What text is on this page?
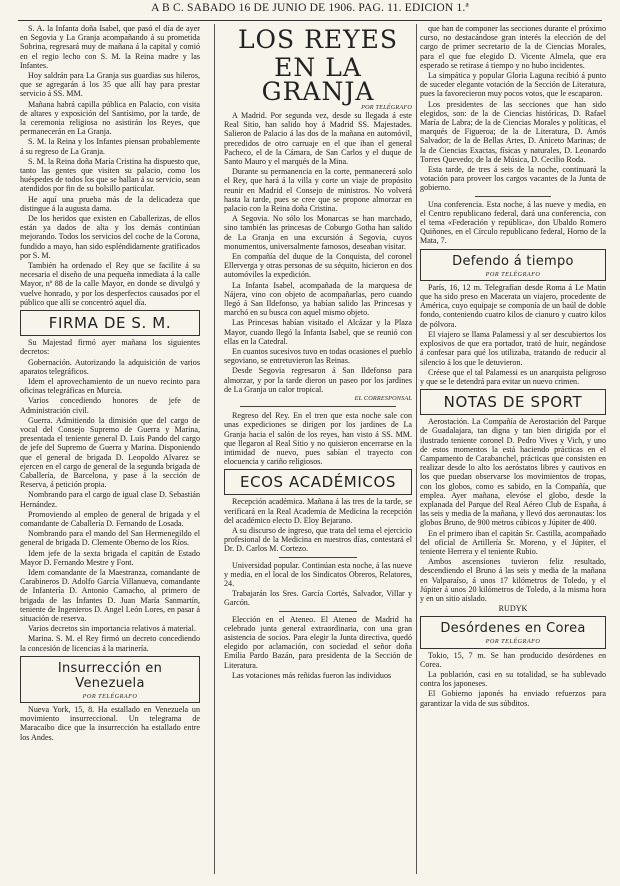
A B C. SABADO 16 DE JUNIO DE 1906. PAG. 11. EDICION 1.ª

S. A. la Infanta doña Isabel, que pasó el día de ayer en Segovia y La Granja acompañando á su prometida Sobrina, regresará muy de mañana á la capital y comió en el regio lecho con S. M. la Reina madre y las Infantes.

Hoy saldrán para La Granja sus guardias sus hileros, que se agregarán á los 35 que allí hay para prestar servicio á SS. MM.

Mañana habrá capilla pública en Palacio, con visita de altares y exposición del Santísimo, por la tarde, de la ceremonia religiosa no asistirán los Reyes, que permanecerán en La Granja.

S. M. la Reina y los Infantes piensan probablemente á su regreso de La Granja.

S. M. la Reina doña María Cristina ha dispuesto que, tanto las gentes que visiten su palacio, como los huéspedes de todos los que se hallan á su servicio, sean atendidos por fin de su bolsillo particular.

He aquí una prueba más de la delicadeza que distingue á la augusta dama.

De los heridos que existen en Caballerizas, de ellos están ya dados de alta y los demás continúan mejorando. Todos los servicios del coche de la Corona, fundido a mayo, han sido espléndidamente gratificados por S. M.

También ha ordenado el Rey que se facilite á su necesaria el diseño de una pequeña inmediata á la calle Mayor, nº 88 de la calle Mayor, en donde se divulgó y vuelve honrado, y por los desperfectos causados por el público que allí se concentró aquel día.

FIRMA DE S. M.

Su Majestad firmó ayer mañana los siguientes decretos:

Gobernación. Autorizando la adquisición de varios aparatos telegráficos.

Idem el aprovechamiento de un nuevo recinto para oficinas telegráficas en Murcia.

Varios concediendo honores de jefe de Administración civil.

Guerra. Admitiendo la dimisión que del cargo de vocal del Consejo Supremo de Guerra y Marina, presentada el teniente general D. Luis Pando del cargo de jefe del Supremo de Guerra y Marina. Disponiendo que el general de brigada D. Leopoldo Alvarez se ejercen en el cargo de general de la segunda brigada de Caballería, de Barcelona, y pase á la sección de Reserva, á petición propia.

Nombrando para el cargo de igual clase D. Sebastián Hernández.

Promoviendo al empleo de general de brigada y el comandante de Caballería D. Fernando de Losada.

Nombrando para el mando del San Hermenegildo el general de brigada D. Clemente Oberno de los Ríos.

Idem jefe de la sexta brigada el capitán de Estado Mayor D. Fernando Mestre y Font.

Idem comandante de la Maestranza, comandante de Carabineros D. Adolfo García Villanueva, comandante de Infantería D. Antonio Camacho, al primero de brigada de las Infantes D. Juan María Sanmartín, teniente de Ingenieros D. Angel León Lores, en pasar á situación de reserva.

Varios decretos sin importancia relativos á material.

Marina. S. M. el Rey firmó un decreto concediendo la concesión de licencias á la marinería.

Insurrección en Venezuela
POR TELÉGRAFO

Nueva York, 15, 8. Ha estallado en Venezuela un movimiento insurreccional. Un telegrama de Maracaibo dice que la insurrección ha estallado entre los Andes.

LOS REYES
EN LA GRANJA
POR TELÉGRAFO

A Madrid. Por segunda vez, desde su llegada á este Real Sitio, han salido hoy á Madrid SS. Majestades. Salieron de Palacio á las dos de la mañana en automóvil, precedidos de otro carruaje en el que iban el general Pacheco, el de la Cámara, de San Carlos y el duque de Santo Mauro y el marqués de la Mina.

Durante su permanencia en la corte, permanecerá solo el Rey, que hará á la villa y corte un viaje de propósito reunir en Madrid el Consejo de ministros. No volverá hasta la tarde, pues se cree que se propone almorzar en palacio con la Reina doña Cristina.

A Segovia. No sólo los Monarcas se han marchado, sino también las princesas de Coburgo Gotha han salido de La Granja en una excursión á Segovia, cuyos monumentos, universalmente famosos, deseaban visitar.

En compañía del duque de la Conquista, del coronel Ellerverga y otras personas de su séquito, hicieron en dos automóviles la expedición.

La Infanta Isabel, acompañada de la marquesa de Nájera, vino con objeto de acompañarlas, pero cuando llegó á San Ildefonso, ya habían salido las Princesas y marchó en su busca con aquel mismo objeto.

Las Princesas habían visitado el Alcázar y la Plaza Mayor, cuando llegó la Infanta Isabel, que se reunió con ellas en la Catedral.

En cuantos sucesivos tuvo en todas ocasiones el pueblo segoviano, se entretuvieron las Reinas.

Desde Segovia regresaron á San Ildefonso para almorzar, y por la tarde dieron un paseo por los jardines de La Granja un calor tropical.

EL CORRESPONSAL

Regreso del Rey. En el tren que esta noche sale con unas expediciones se dirigen por los jardines de La Granja hacia el salón de los reyes, han visto á SS. MM. que llegaron al Real Sitio y no quisieron encerrarse en la intimidad de nuevo, pues sabían el trayecto con elocuencia y cariño religiosos.

ECOS ACADÉMICOS

Recepción académica. Mañana á las tres de la tarde, se verificará en la Real Academia de Medicina la recepción del académico electo D. Eloy Bejarano.

A su discurso de ingreso, que trata del tema el ejercicio profesional de la Medicina en nuestros días, contestará el Dr. D. Carlos M. Cortezo.

Universidad popular. Continúan esta noche, á las nueve y media, en el local de los Sindicatos Obreros, Relatores, 24.

Trabajarán los Sres. García Cortés, Salvador, Villar y Garcón.

Elección en el Ateneo. El Ateneo de Madrid ha celebrado junta general extraordinaria, con una gran asistencia de socios. Para elegir la Junta directiva, quedó elegido por aclamación, con sociedad el señor doña Emilia Pardo Bazán, para presidenta de la Sección de Literatura.

Las votaciones más reñidas fueron las individuos

que han de componer las secciones durante el próximo curso, no destacándose gran interés la elección de del cargo de primer secretario de la de Ciencias Morales, para el que fue elegido D. Vicente Almela, que era esperado se retirase á tiempo y no hubo incidentes.

La simpática y popular Gloria Laguna recibió á punto de suceder elegante votación de la Sección de Literatura, pues la favorecieron muy pocos votos, que le escaparon.

Los presidentes de las secciones que han sido elegidos, son: de la de Ciencias históricas, D. Rafael María de Labra; de la de Ciencias Morales y políticas, el marqués de Figueroa; de la de Literatura, D. Amós Salvador; de la de Bellas Artes, D. Aniceto Marinas; de la de Ciencias Exactas, físicas y naturales, D. Leonardo Torres Quevedo; de la de Música, D. Cecilio Roda.

Esta tarde, de tres á seis de la noche, continuará la votación para proveer los cargos vacantes de la Junta de gobierno.

Una conferencia. Esta noche, á las nueve y media, en el Centro republicano federal, dará una conferencia, con el tema «Federación y república», don Ubaldo Romero Quiñones, en el Círculo republicano federal, Horno de la Mata, 7.

Defendo á tiempo
POR TELÉGRAFO

París, 16, 12 m. Telegrafían desde Roma á Le Matin que ha sido preso en Macerata un viajero, procedente de América, cuyo equipaje se componía de un baúl de doble fondo, conteniendo cuatro kilos de cianuro y cuatro kilos de pólvora.

El viajero se llama Palamessi y al ser descubiertos los explosivos de que era portador, trató de huir, negándose á confesar para qué los utilizaba, tratando de reducir al silencio á los que le detuvieron.

Créese que el tal Palamessi es un anarquista peligroso y que se le detendrá para evitar un nuevo crimen.

NOTAS DE SPORT

Aerostación. La Compañía de Aerostación del Parque de Guadalajara, tan digna y tan bien dirigida por el ilustrado teniente coronel D. Pedro Vives y Vich, y uno de estos momentos la está haciendo prácticas en el Campamento de Carabanchel, prácticas que consisten en realizar desde lo alto los aeróstatos libres y cautivos en los que puedan observarse los movimientos de tropas, con los globos, como es sabido, en la Compañía, que emplea. Ayer mañana, elevóse el globo, desde la explanada del Parque del Real Aéreo Club de España, á las seis y media de la mañana, y llevó dos aeronautas: los globos Bruno, de 900 metros cúbicos y Júpiter de 400.

En el primero iban el capitán Sr. Castilla, acompañado del oficial de Artillería Sr. Moreno, y el Júpiter, el teniente Herrera y el teniente Rubio.

Ambos ascensiones tuvieron feliz resultado, descendiendo el Bruno á las seis y media de la mañana en Valparaíso, á unos 17 kilómetros de Toledo, y el Júpiter á unos 20 kilómetros de Toledo, á la misma hora y en un sitio aislado.

RUDYK

Desórdenes en Corea
POR TELÉGRAFO

Tokio, 15, 7 m. Se han producido desórdenes en Corea.

La población, casi en su totalidad, se ha sublevado contra los japoneses.

El Gobierno japonés ha enviado refuerzos para garantizar la vida de sus súbditos.
